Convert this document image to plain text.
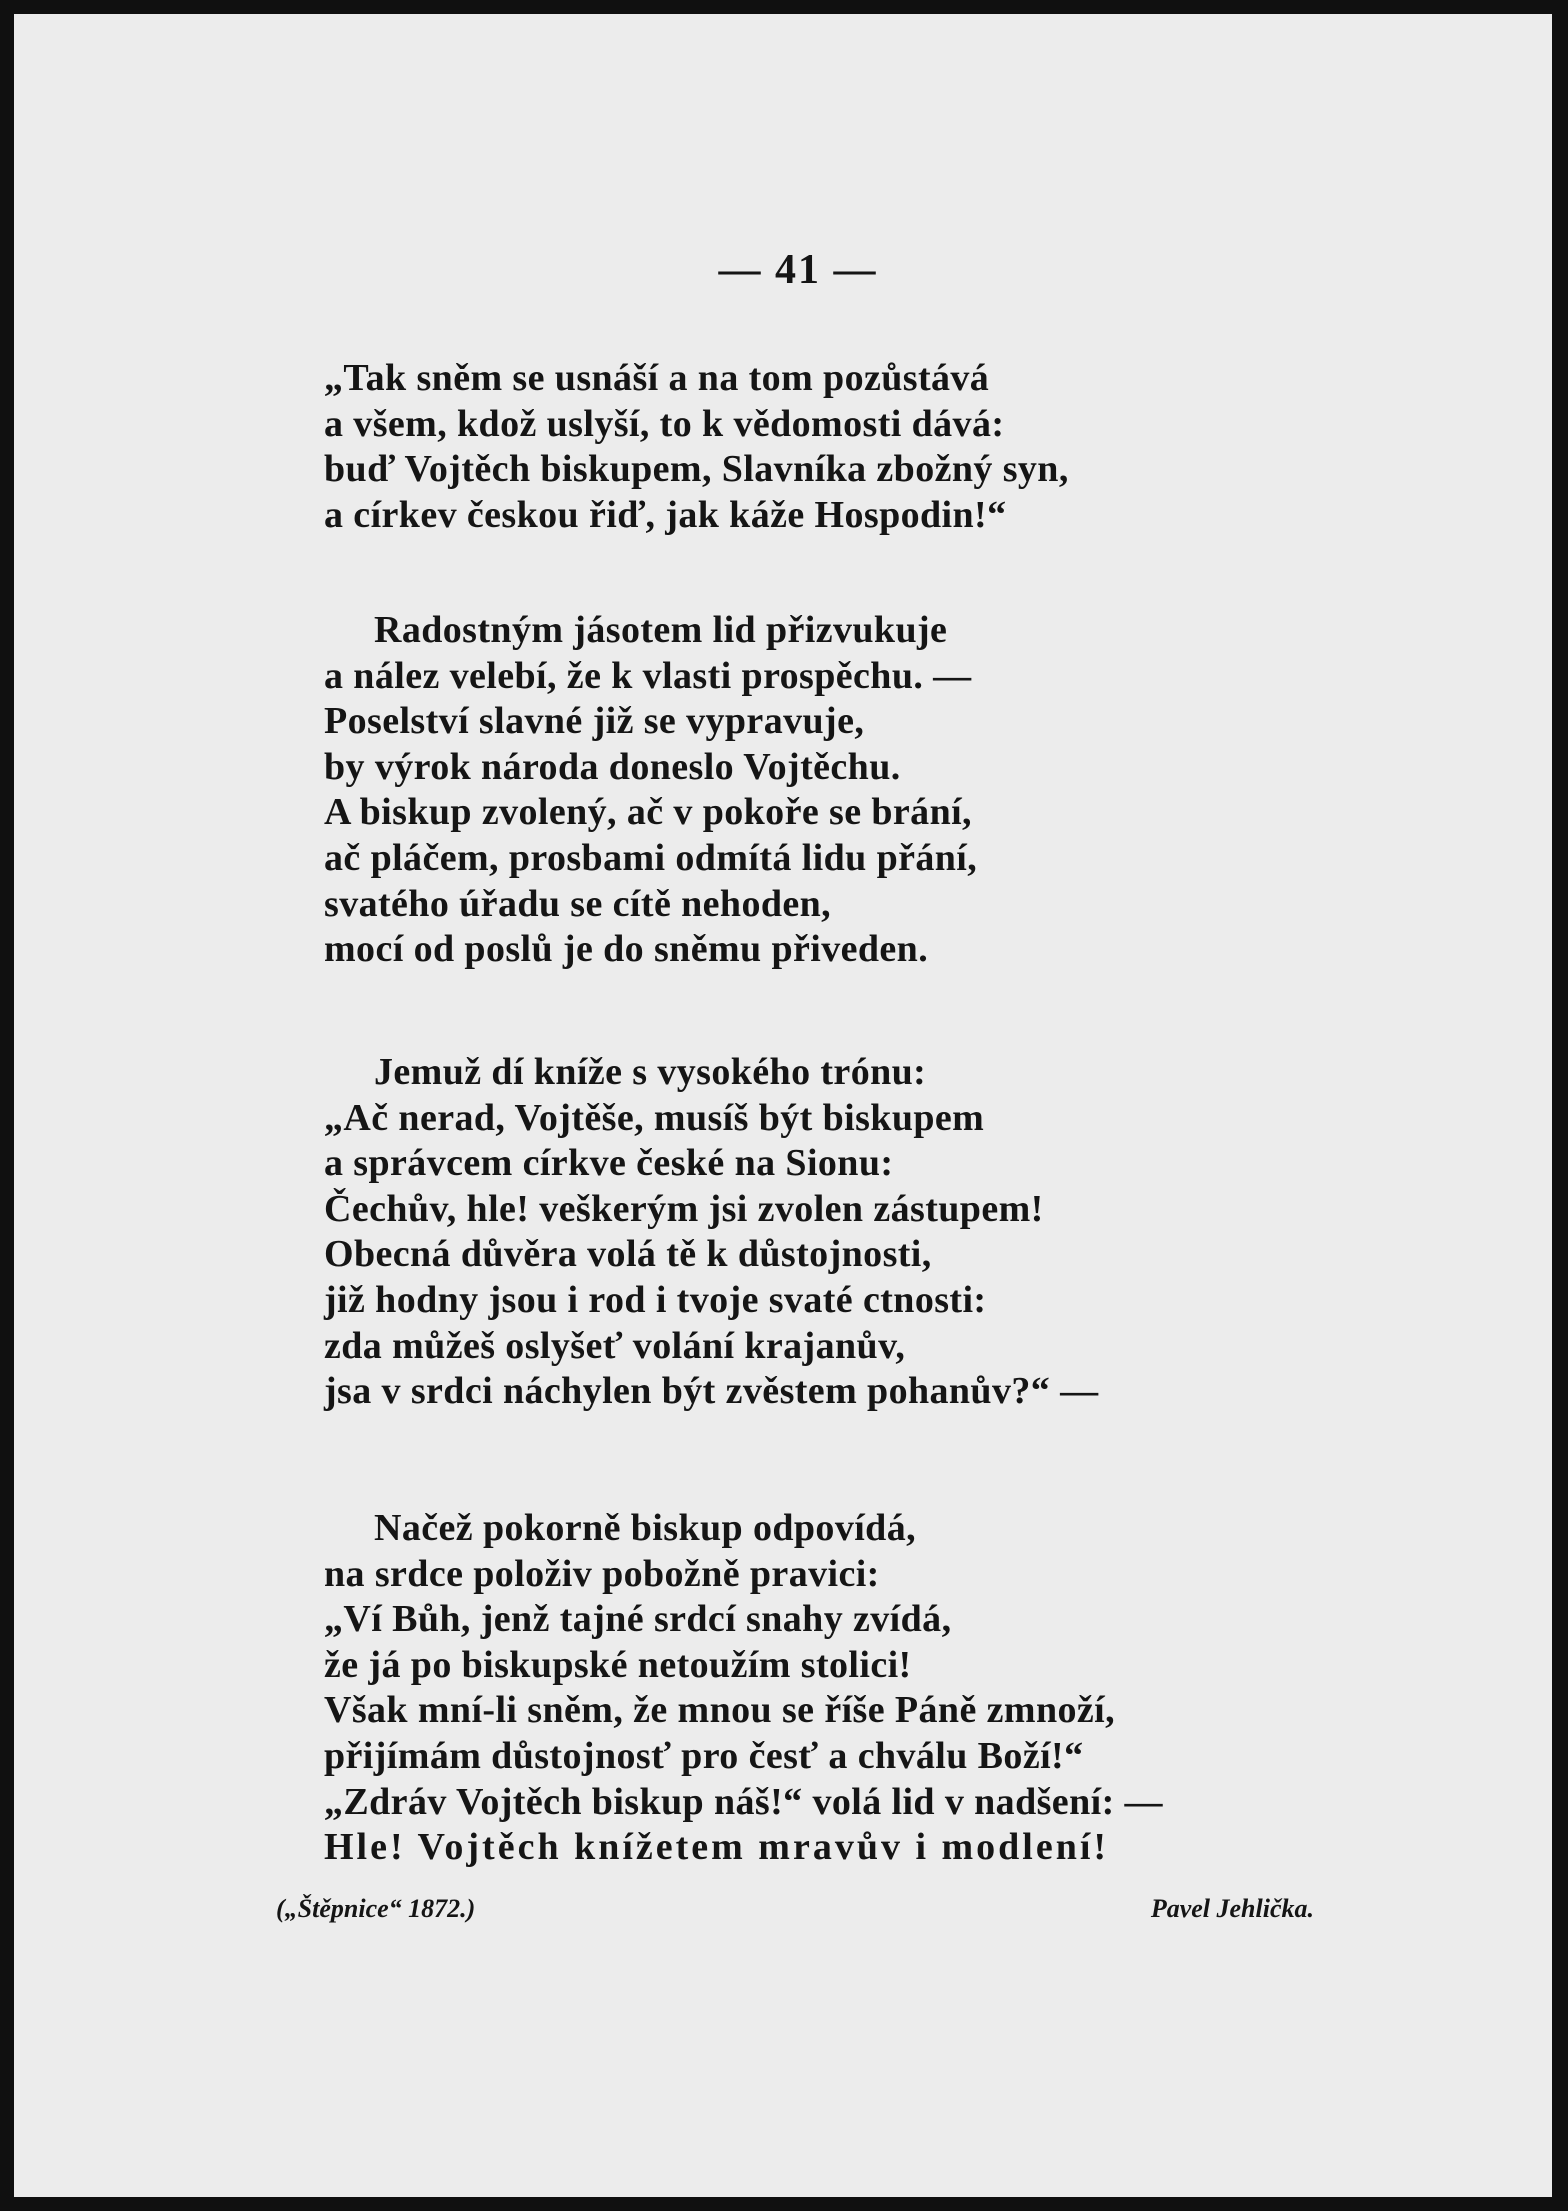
— 41 —
„Tak sněm se usnáší a na tom pozůstává
a všem, kdož uslyší, to k vědomosti dává:
buď Vojtěch biskupem, Slavníka zbožný syn,
a církev českou řiď, jak káže Hospodin!“
Radostným jásotem lid přizvukuje
a nález velebí, že k vlasti prospěchu. —
Poselství slavné již se vypravuje,
by výrok národa doneslo Vojtěchu.
A biskup zvolený, ač v pokoře se brání,
ač pláčem, prosbami odmítá lidu přání,
svatého úřadu se cítě nehoden,
mocí od poslů je do sněmu přiveden.
Jemuž dí kníže s vysokého trónu:
„Ač nerad, Vojtěše, musíš být biskupem
a správcem církve české na Sionu:
Čechův, hle! veškerým jsi zvolen zástupem!
Obecná důvěra volá tě k důstojnosti,
již hodny jsou i rod i tvoje svaté ctnosti:
zda můžeš oslyšeť volání krajanův,
jsa v srdci náchylen být zvěstem pohanův?“ —
Načež pokorně biskup odpovídá,
na srdce položiv pobožně pravici:
„Ví Bůh, jenž tajné srdcí snahy zvídá,
že já po biskupské netoužím stolici!
Však mní-li sněm, že mnou se říše Páně zmnoží,
přijímám důstojnosť pro česť a chválu Boží!“
„Zdráv Vojtěch biskup náš!“ volá lid v nadšení: —
Hle! Vojtěch knížetem mravův i modlení!
(„Štěpnice“ 1872.)	Pavel Jehlička.
